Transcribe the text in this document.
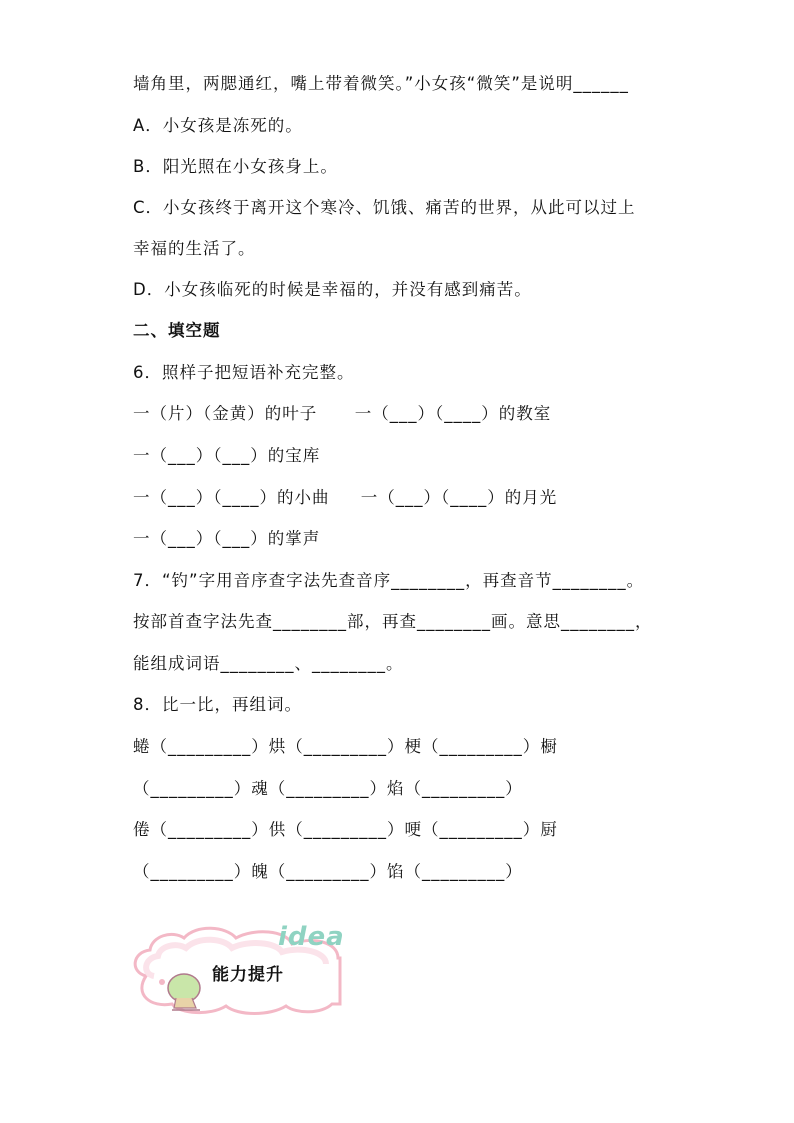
墙角里，两腮通红，嘴上带着微笑。”小女孩“微笑”是说明______
A．小女孩是冻死的。
B．阳光照在小女孩身上。
C．小女孩终于离开这个寒冷、饥饿、痛苦的世界，从此可以过上
幸福的生活了。
D．小女孩临死的时候是幸福的，并没有感到痛苦。
二、填空题
6．照样子把短语补充完整。
一（片）（金黄）的叶子      一（___）（____）的教室
一（___）（___）的宝库
一（___）（____）的小曲     一（___）（____）的月光
一（___）（___）的掌声
7．“钓”字用音序查字法先查音序________，再查音节________。
按部首查字法先查________部，再查________画。意思________，
能组成词语________、________。
8．比一比，再组词。
蜷（_________）烘（_________）梗（_________）橱
（_________）魂（_________）焰（_________）
倦（_________）供（_________）哽（_________）厨
（_________）魄（_________）馅（_________）
idea
能力提升
